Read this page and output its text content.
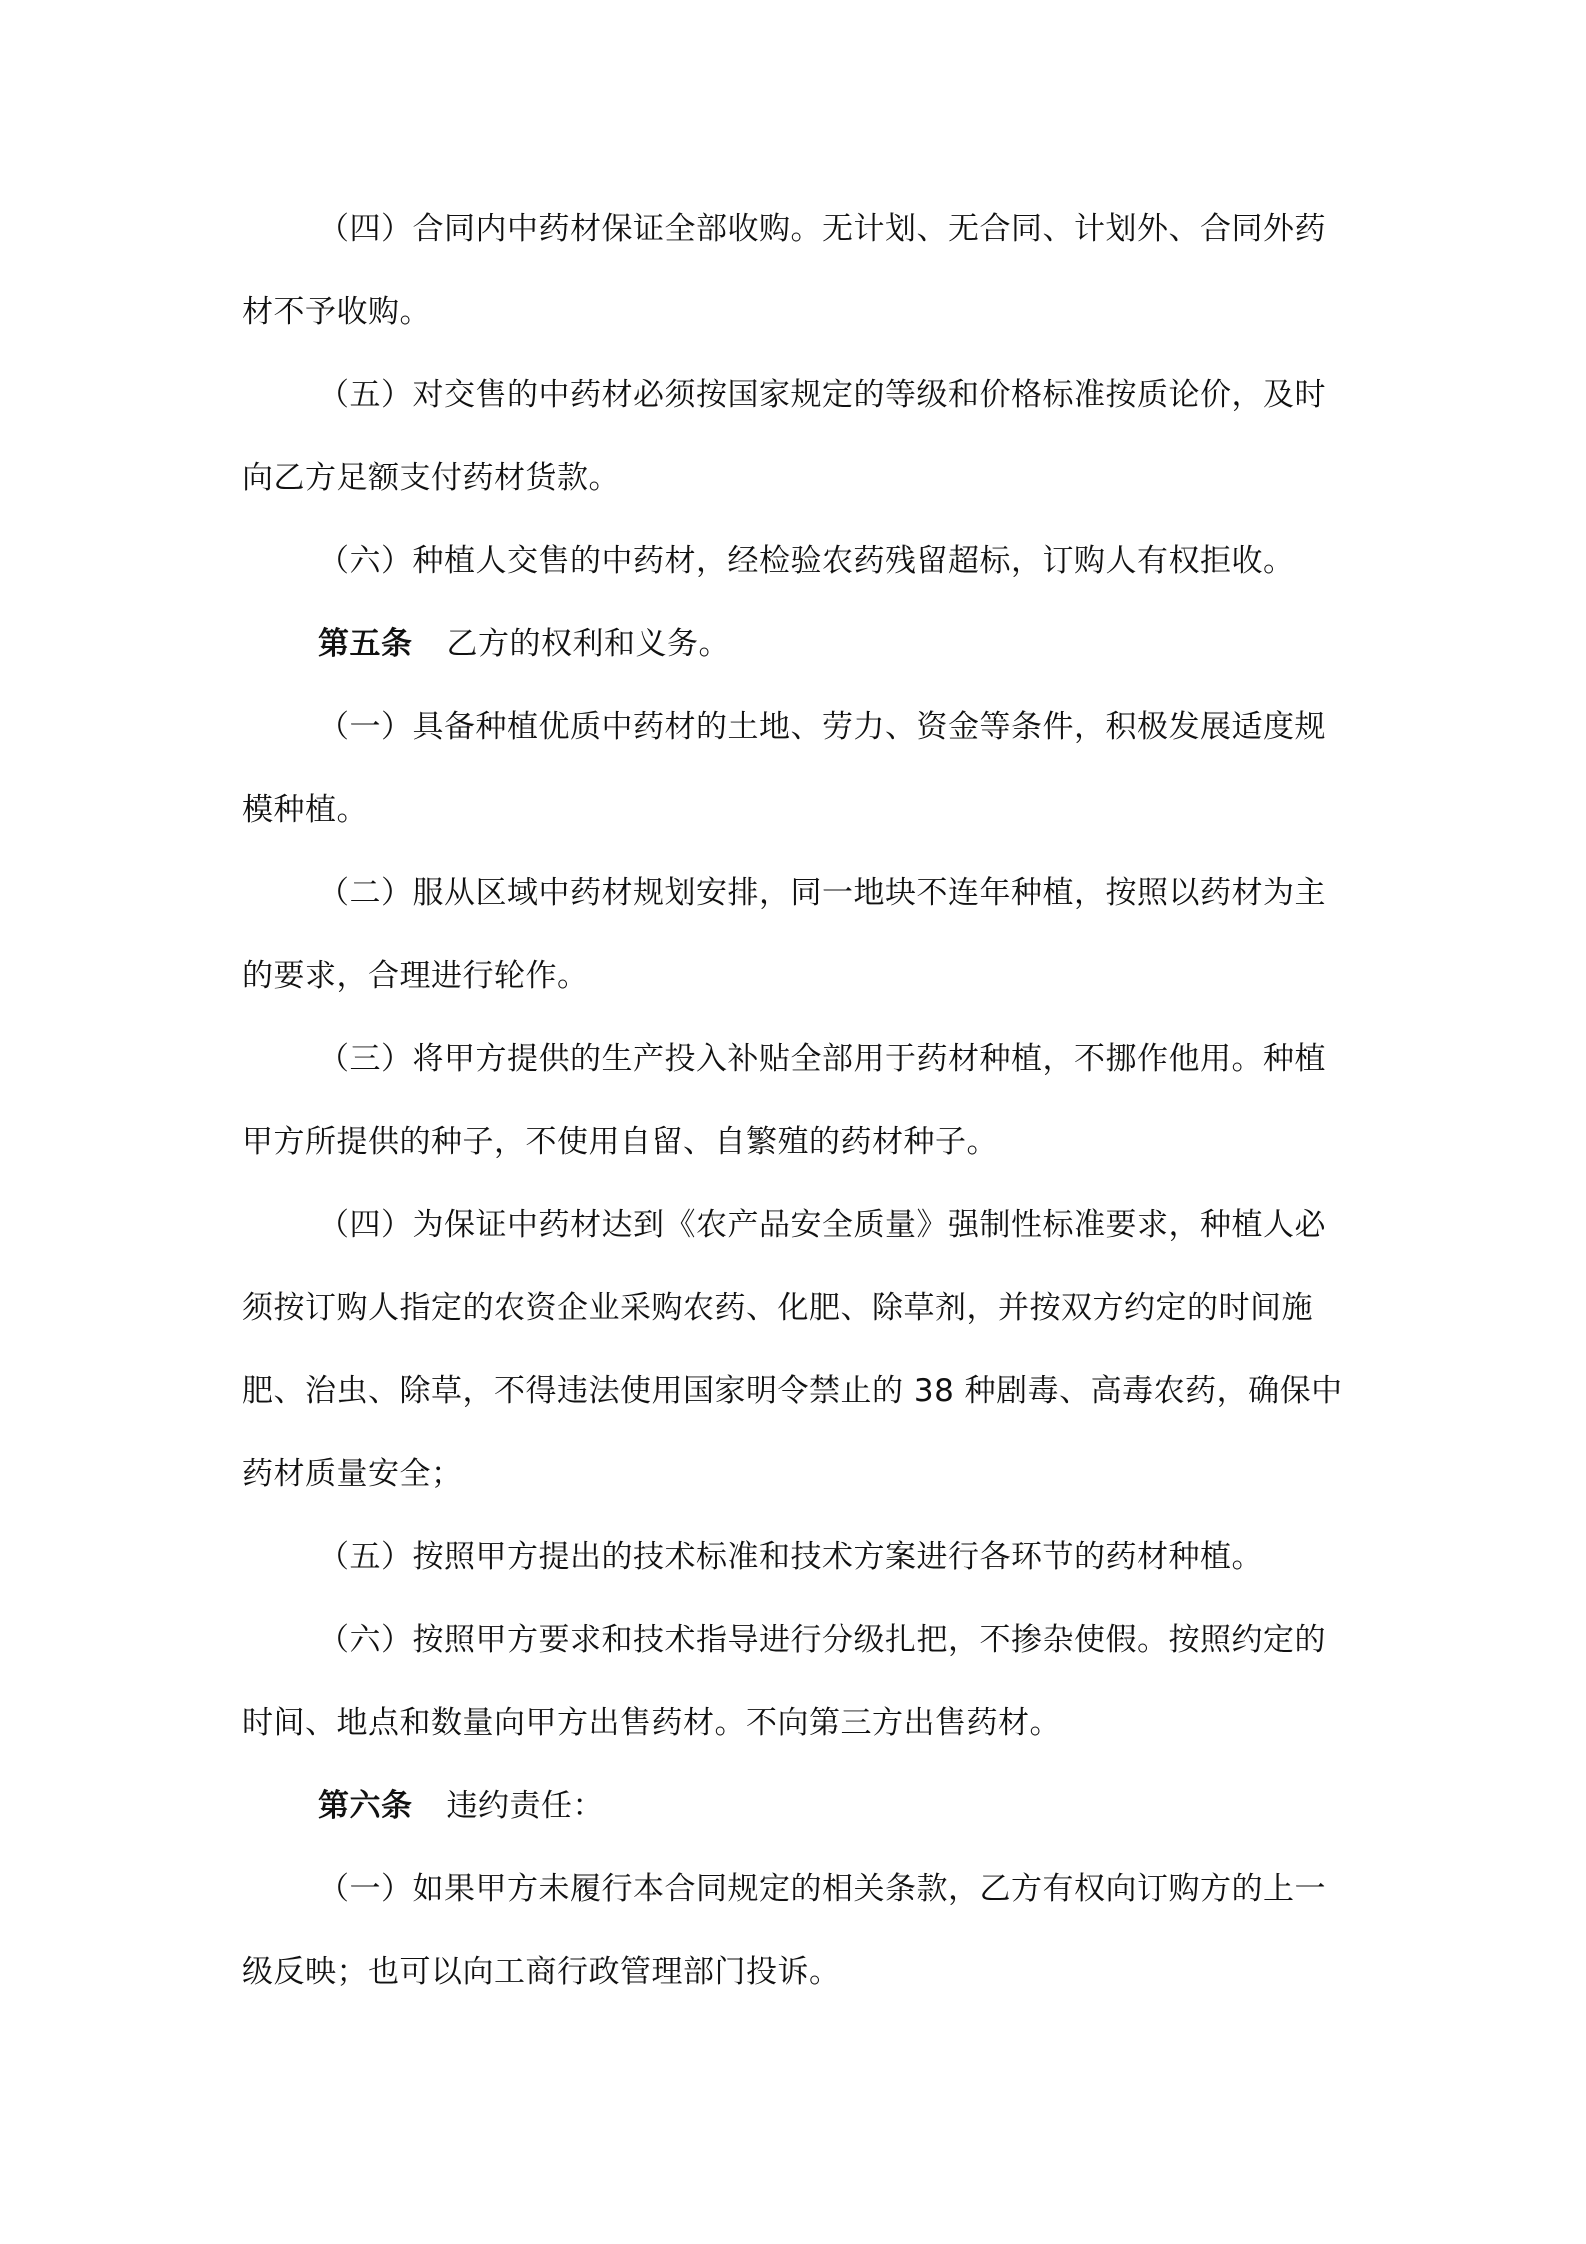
（四）合同内中药材保证全部收购。无计划、无合同、计划外、合同外药材不予收购。

（五）对交售的中药材必须按国家规定的等级和价格标准按质论价，及时向乙方足额支付药材货款。

（六）种植人交售的中药材，经检验农药残留超标，订购人有权拒收。

第五条 乙方的权利和义务。

（一）具备种植优质中药材的土地、劳力、资金等条件，积极发展适度规模种植。

（二）服从区域中药材规划安排，同一地块不连年种植，按照以药材为主的要求，合理进行轮作。

（三）将甲方提供的生产投入补贴全部用于药材种植，不挪作他用。种植甲方所提供的种子，不使用自留、自繁殖的药材种子。

（四）为保证中药材达到《农产品安全质量》强制性标准要求，种植人必须按订购人指定的农资企业采购农药、化肥、除草剂，并按双方约定的时间施肥、治虫、除草，不得违法使用国家明令禁止的 38 种剧毒、高毒农药，确保中药材质量安全；

（五）按照甲方提出的技术标准和技术方案进行各环节的药材种植。

（六）按照甲方要求和技术指导进行分级扎把，不掺杂使假。按照约定的时间、地点和数量向甲方出售药材。不向第三方出售药材。

第六条 违约责任：

（一）如果甲方未履行本合同规定的相关条款，乙方有权向订购方的上一级反映；也可以向工商行政管理部门投诉。
